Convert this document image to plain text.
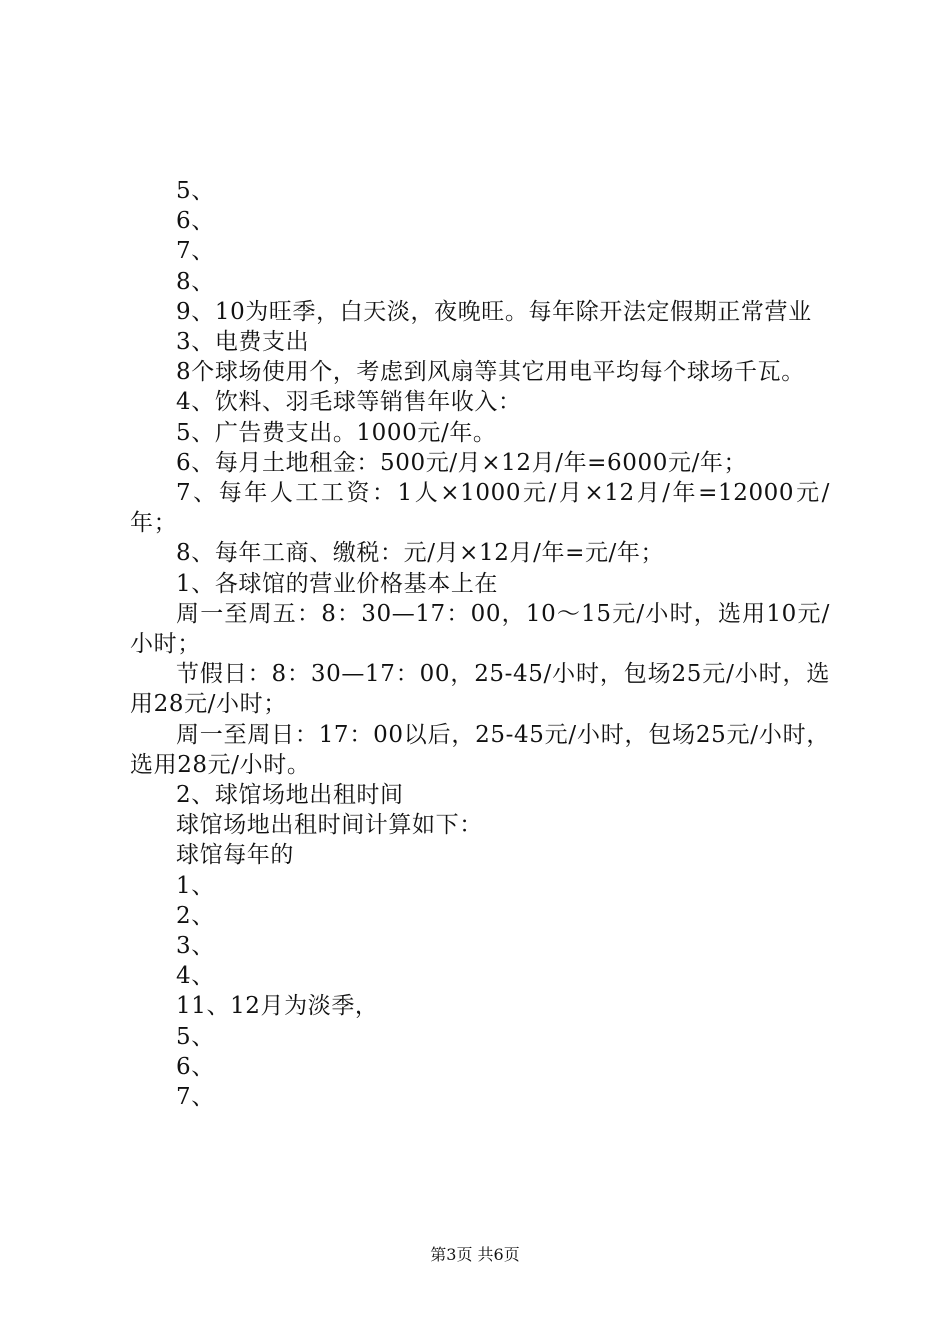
5、

6、

7、

8、

9、10为旺季，白天淡，夜晚旺。每年除开法定假期正常营业

3、电费支出

8个球场使用个，考虑到风扇等其它用电平均每个球场千瓦。

4、饮料、羽毛球等销售年收入：

5、广告费支出。1000元/年。

6、每月土地租金：500元/月×12月/年=6000元/年；

7、每年人工工资：1人×1000元/月×12月/年=12000元/年；

8、每年工商、缴税：元/月×12月/年=元/年；

1、各球馆的营业价格基本上在

周一至周五：8：30—17：00，10～15元/小时，选用10元/小时；

节假日：8：30—17：00，25-45/小时，包场25元/小时，选用28元/小时；

周一至周日：17：00以后，25-45元/小时，包场25元/小时，选用28元/小时。

2、球馆场地出租时间

球馆场地出租时间计算如下：

球馆每年的

1、

2、

3、

4、

11、12月为淡季，

5、

6、

7、

第3页 共6页
